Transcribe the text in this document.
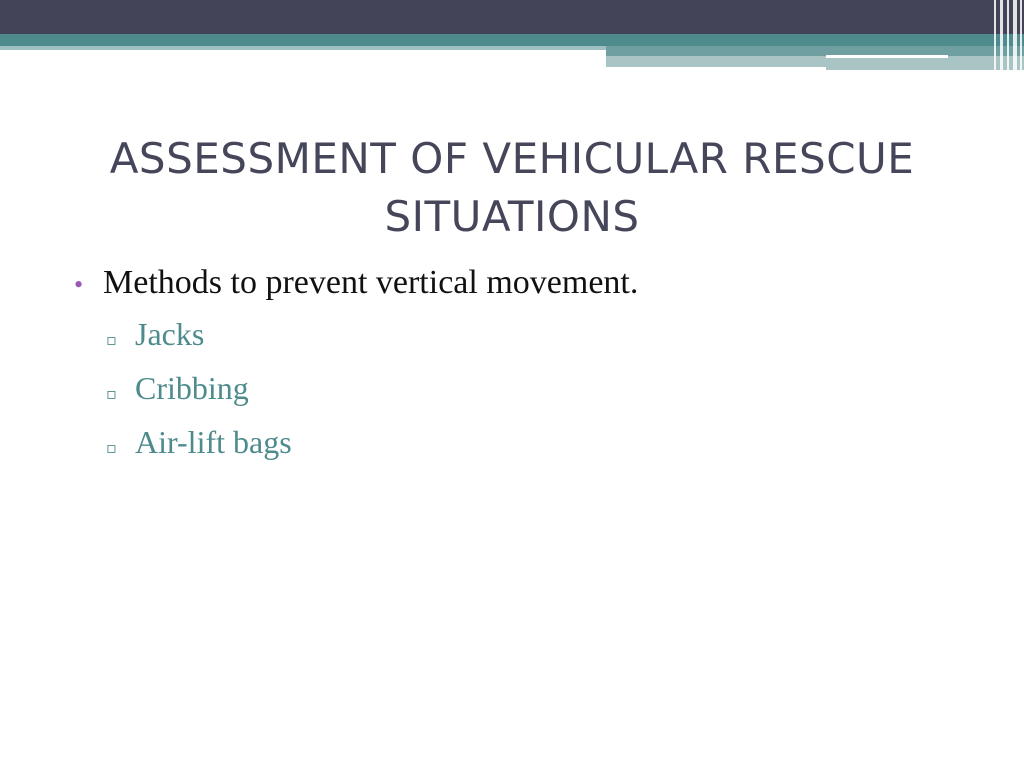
ASSESSMENT OF VEHICULAR RESCUE
SITUATIONS
• Methods to prevent vertical movement.
▫ Jacks
▫ Cribbing
▫ Air-lift bags
